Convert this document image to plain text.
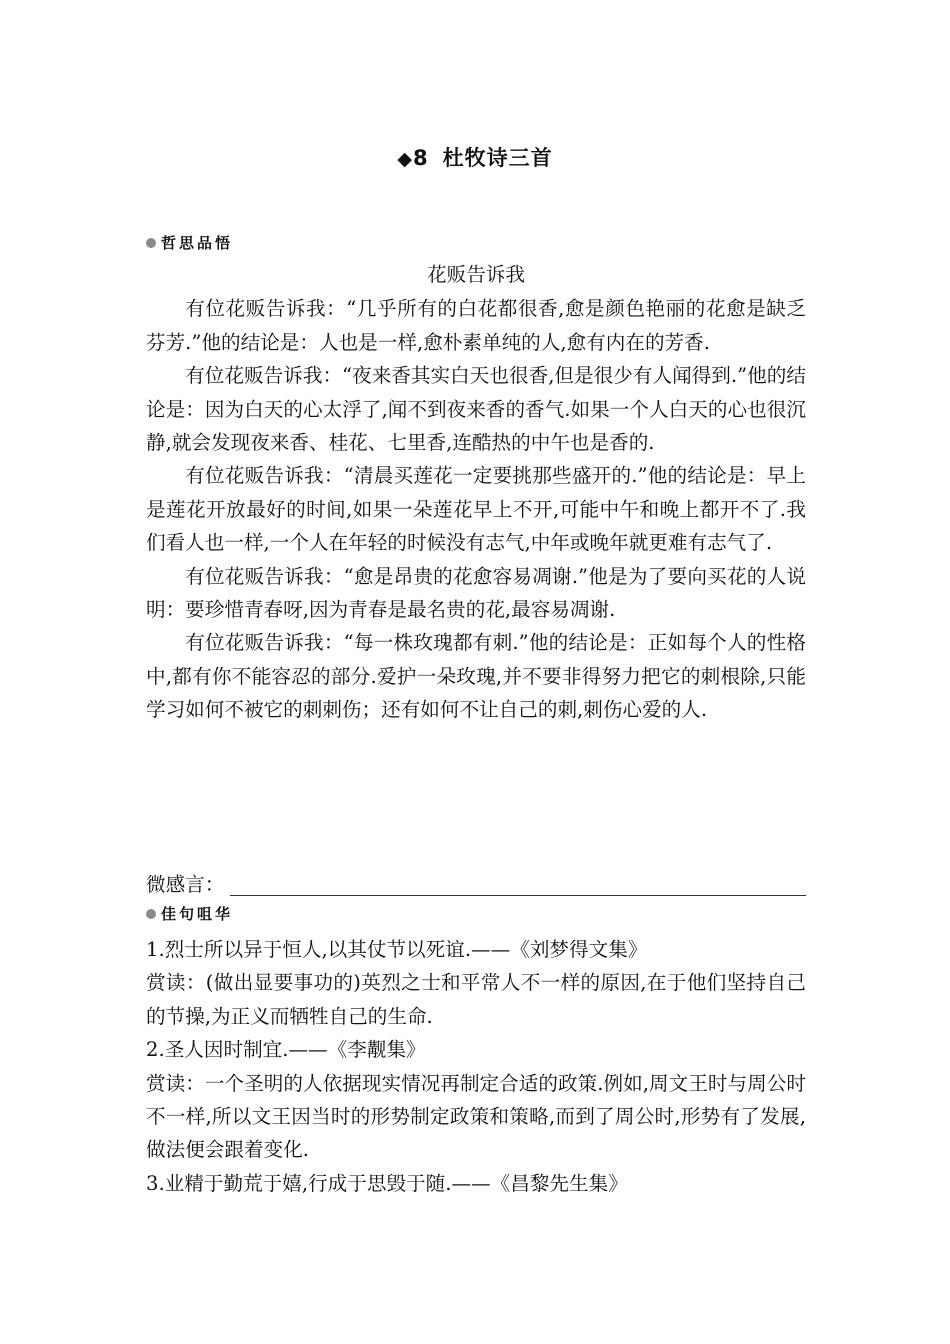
◆8 杜牧诗三首
哲思品悟
花贩告诉我

有位花贩告诉我：“几乎所有的白花都很香,愈是颜色艳丽的花愈是缺乏芬芳.”他的结论是：人也是一样,愈朴素单纯的人,愈有内在的芳香.

有位花贩告诉我：“夜来香其实白天也很香,但是很少有人闻得到.”他的结论是：因为白天的心太浮了,闻不到夜来香的香气.如果一个人白天的心也很沉静,就会发现夜来香、桂花、七里香,连酷热的中午也是香的.

有位花贩告诉我：“清晨买莲花一定要挑那些盛开的.”他的结论是：早上是莲花开放最好的时间,如果一朵莲花早上不开,可能中午和晚上都开不了.我们看人也一样,一个人在年轻的时候没有志气,中年或晚年就更难有志气了.

有位花贩告诉我：“愈是昂贵的花愈容易凋谢.”他是为了要向买花的人说明：要珍惜青春呀,因为青春是最名贵的花,最容易凋谢.

有位花贩告诉我：“每一株玫瑰都有刺.”他的结论是：正如每个人的性格中,都有你不能容忍的部分.爱护一朵玫瑰,并不要非得努力把它的刺根除,只能学习如何不被它的刺刺伤；还有如何不让自己的刺,刺伤心爱的人.

微感言：
佳句咀华

1.烈士所以异于恒人,以其仗节以死谊.——《刘梦得文集》

赏读：(做出显要事功的)英烈之士和平常人不一样的原因,在于他们坚持自己的节操,为正义而牺牲自己的生命.

2.圣人因时制宜.——《李觏集》

赏读：一个圣明的人依据现实情况再制定合适的政策.例如,周文王时与周公时不一样,所以文王因当时的形势制定政策和策略,而到了周公时,形势有了发展,做法便会跟着变化.

3.业精于勤荒于嬉,行成于思毁于随.——《昌黎先生集》
